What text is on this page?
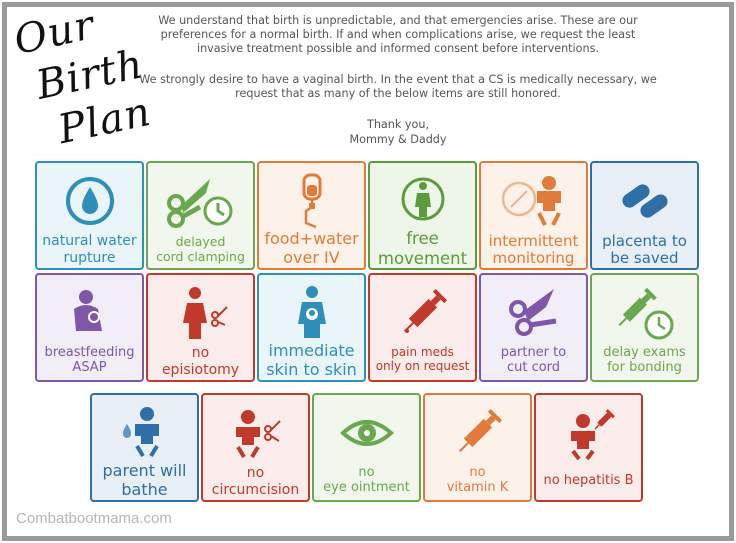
Our
Birth
Plan
We understand that birth is unpredictable, and that emergencies arise. These are our preferences for a normal birth. If and when complications arise, we request the least invasive treatment possible and informed consent before interventions.
We strongly desire to have a vaginal birth. In the event that a CS is medically necessary, we request that as many of the below items are still honored.
Thank you,
Mommy & Daddy
natural water
rupture
delayed
cord clamping
food+water
over IV
free
movement
intermittent
monitoring
placenta to
be saved
breastfeeding
ASAP
no
episiotomy
immediate
skin to skin
pain meds
only on request
partner to
cut cord
delay exams
for bonding
parent will
bathe
no
circumcision
no
eye ointment
no
vitamin K	no hepatitis B
Combatbootmama.com
